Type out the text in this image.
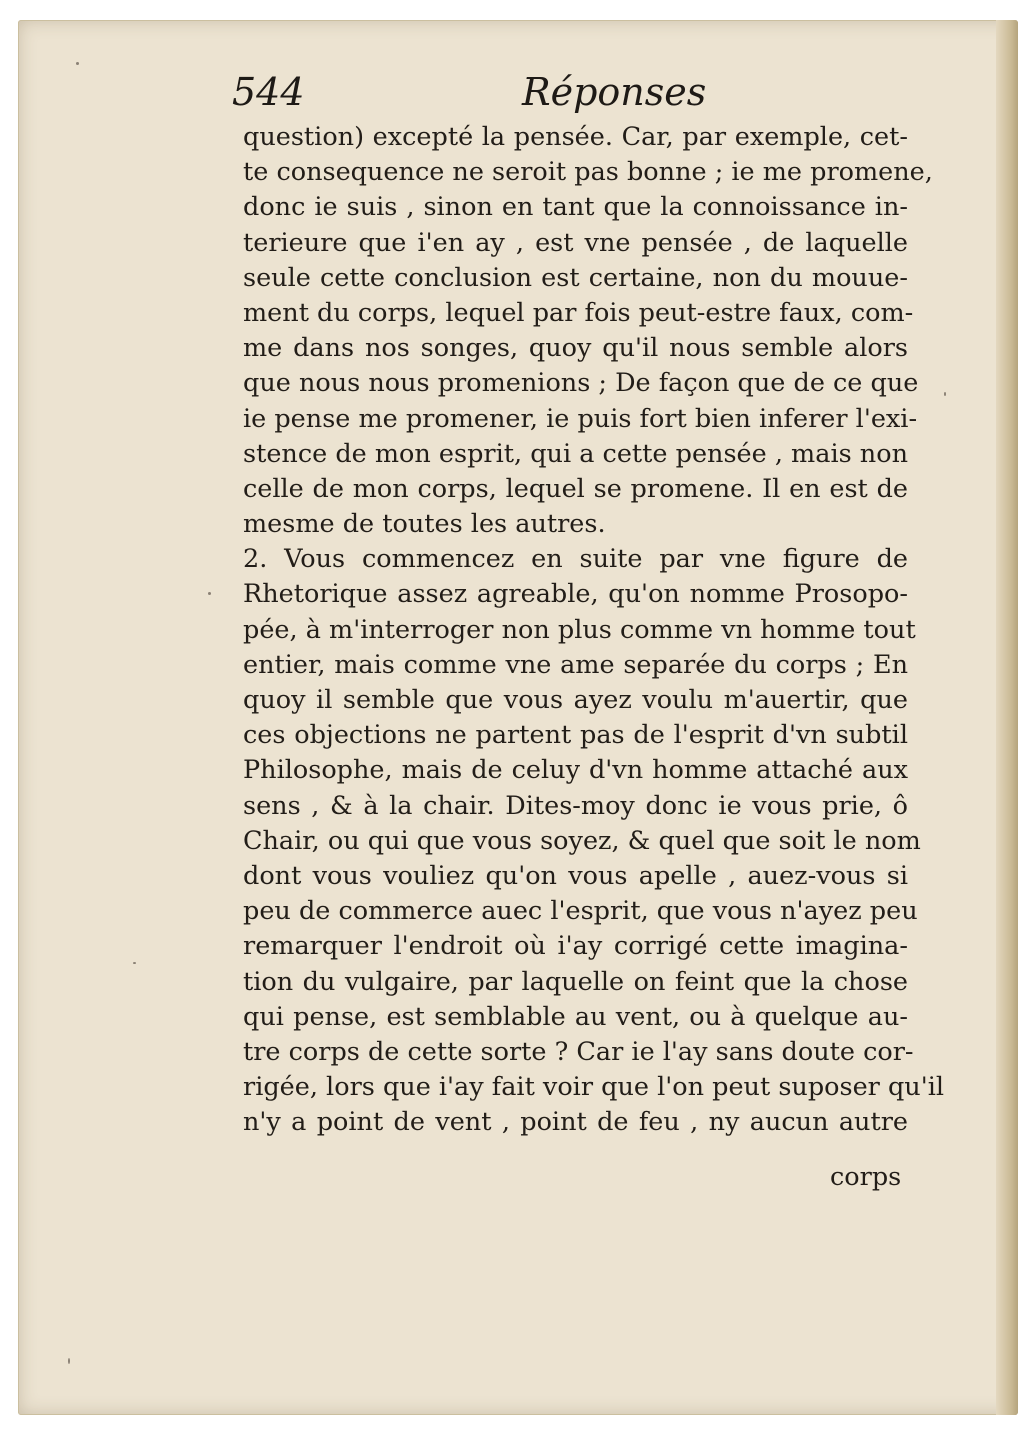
544	Réponses
question) excepté la pensée. Car, par exemple, cet-
te consequence ne seroit pas bonne ; ie me promene,
donc ie suis , sinon en tant que la connoissance in-
terieure que i'en ay , est vne pensée , de laquelle
seule cette conclusion est certaine, non du mouue-
ment du corps, lequel par fois peut-estre faux, com-
me dans nos songes, quoy qu'il nous semble alors
que nous nous promenions ; De façon que de ce que
ie pense me promener, ie puis fort bien inferer l'exi-
stence de mon esprit, qui a cette pensée , mais non
celle de mon corps, lequel se promene. Il en est de
mesme de toutes les autres.
2. Vous commencez en suite par vne figure de
Rhetorique assez agreable, qu'on nomme Prosopo-
pée, à m'interroger non plus comme vn homme tout
entier, mais comme vne ame separée du corps ; En
quoy il semble que vous ayez voulu m'auertir, que
ces objections ne partent pas de l'esprit d'vn subtil
Philosophe, mais de celuy d'vn homme attaché aux
sens , & à la chair. Dites-moy donc ie vous prie, ô
Chair, ou qui que vous soyez, & quel que soit le nom
dont vous vouliez qu'on vous apelle , auez-vous si
peu de commerce auec l'esprit, que vous n'ayez peu
remarquer l'endroit où i'ay corrigé cette imagina-
tion du vulgaire, par laquelle on feint que la chose
qui pense, est semblable au vent, ou à quelque au-
tre corps de cette sorte ? Car ie l'ay sans doute cor-
rigée, lors que i'ay fait voir que l'on peut suposer qu'il
n'y a point de vent , point de feu , ny aucun autre
corps
